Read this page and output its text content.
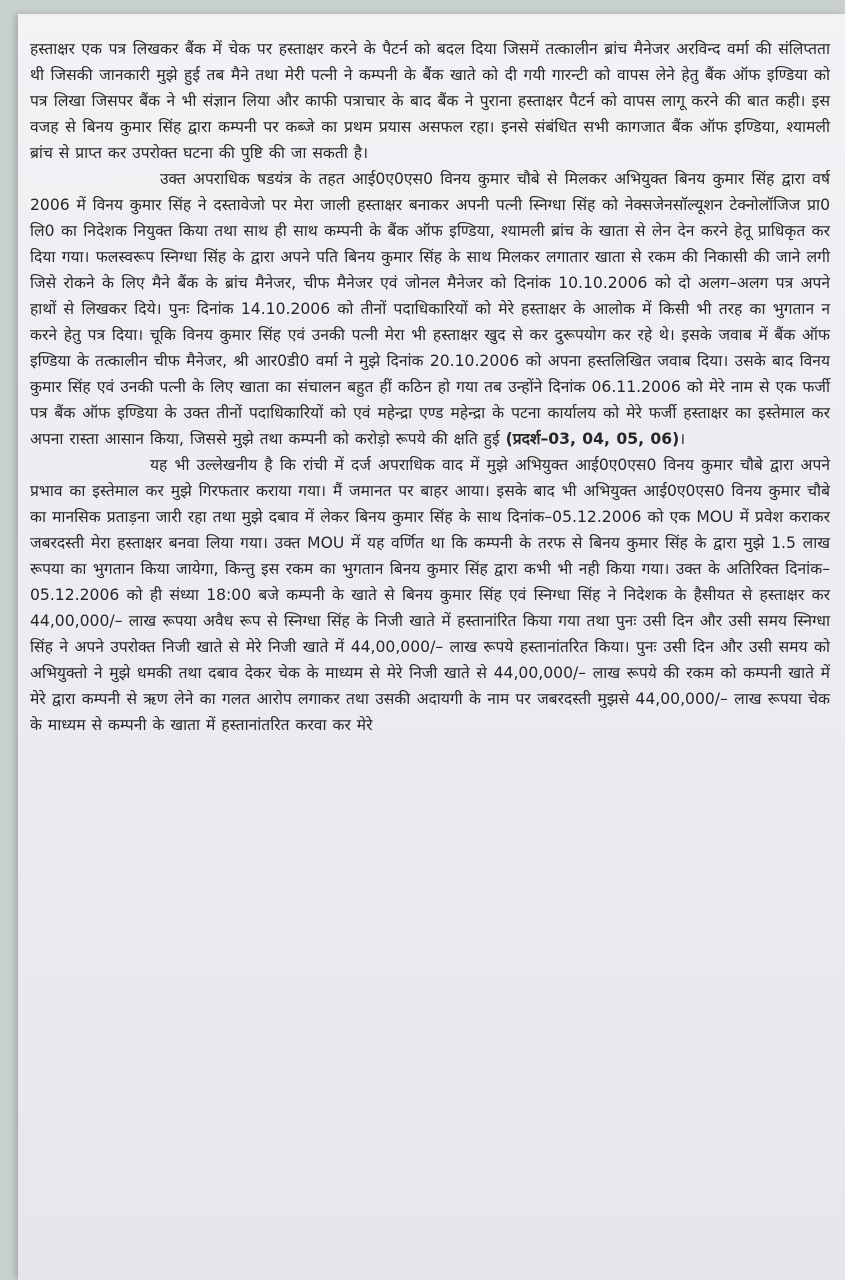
हस्ताक्षर एक पत्र लिखकर बैंक में चेक पर हस्ताक्षर करने के पैटर्न को बदल दिया जिसमें तत्कालीन ब्रांच मैनेजर अरविन्द वर्मा की संलिप्तता थी जिसकी जानकारी मुझे हुई तब मैने तथा मेरी पत्नी ने कम्पनी के बैंक खाते को दी गयी गारन्टी को वापस लेने हेतु बैंक ऑफ इण्डिया को पत्र लिखा जिसपर बैंक ने भी संज्ञान लिया और काफी पत्राचार के बाद बैंक ने पुराना हस्ताक्षर पैटर्न को वापस लागू करने की बात कही। इस वजह से बिनय कुमार सिंह द्वारा कम्पनी पर कब्जे का प्रथम प्रयास असफल रहा। इनसे संबंधित सभी कागजात बैंक ऑफ इण्डिया, श्यामली ब्रांच से प्राप्त कर उपरोक्त घटना की पुष्टि की जा सकती है।

उक्त अपराधिक षडयंत्र के तहत आई0ए0एस0 विनय कुमार चौबे से मिलकर अभियुक्त बिनय कुमार सिंह द्वारा वर्ष 2006 में विनय कुमार सिंह ने दस्तावेजो पर मेरा जाली हस्ताक्षर बनाकर अपनी पत्नी स्निग्धा सिंह को नेक्सजेनसॉल्यूशन टेक्नोलॉजिज प्रा0 लि0 का निदेशक नियुक्त किया तथा साथ ही साथ कम्पनी के बैंक ऑफ इण्डिया, श्यामली ब्रांच के खाता से लेन देन करने हेतू प्राधिकृत कर दिया गया। फलस्वरूप स्निग्धा सिंह के द्वारा अपने पति बिनय कुमार सिंह के साथ मिलकर लगातार खाता से रकम की निकासी की जाने लगी जिसे रोकने के लिए मैने बैंक के ब्रांच मैनेजर, चीफ मैनेजर एवं जोनल मैनेजर को दिनांक 10.10.2006 को दो अलग–अलग पत्र अपने हाथों से लिखकर दिये। पुनः दिनांक 14.10.2006 को तीनों पदाधिकारियों को मेरे हस्ताक्षर के आलोक में किसी भी तरह का भुगतान न करने हेतु पत्र दिया। चूकि विनय कुमार सिंह एवं उनकी पत्नी मेरा भी हस्ताक्षर खुद से कर दुरूपयोग कर रहे थे। इसके जवाब में बैंक ऑफ इण्डिया के तत्कालीन चीफ मैनेजर, श्री आर0डी0 वर्मा ने मुझे दिनांक 20.10.2006 को अपना हस्तलिखित जवाब दिया। उसके बाद विनय कुमार सिंह एवं उनकी पत्नी के लिए खाता का संचालन बहुत हीं कठिन हो गया तब उन्होंने दिनांक 06.11.2006 को मेरे नाम से एक फर्जी पत्र बैंक ऑफ इण्डिया के उक्त तीनों पदाधिकारियों को एवं महेन्द्रा एण्ड महेन्द्रा के पटना कार्यालय को मेरे फर्जी हस्ताक्षर का इस्तेमाल कर अपना रास्ता आसान किया, जिससे मुझे तथा कम्पनी को करोड़ो रूपये की क्षति हुई (प्रदर्श–03, 04, 05, 06)।

यह भी उल्लेखनीय है कि रांची में दर्ज अपराधिक वाद में मुझे अभियुक्त आई0ए0एस0 विनय कुमार चौबे द्वारा अपने प्रभाव का इस्तेमाल कर मुझे गिरफतार कराया गया। मैं जमानत पर बाहर आया। इसके बाद भी अभियुक्त आई0ए0एस0 विनय कुमार चौबे का मानसिक प्रताड़ना जारी रहा तथा मुझे दबाव में लेकर बिनय कुमार सिंह के साथ दिनांक–05.12.2006 को एक MOU में प्रवेश कराकर जबरदस्ती मेरा हस्ताक्षर बनवा लिया गया। उक्त MOU में यह वर्णित था कि कम्पनी के तरफ से बिनय कुमार सिंह के द्वारा मुझे 1.5 लाख रूपया का भुगतान किया जायेगा, किन्तु इस रकम का भुगतान बिनय कुमार सिंह द्वारा कभी भी नही किया गया। उक्त के अतिरिक्त दिनांक–05.12.2006 को ही संध्या 18:00 बजे कम्पनी के खाते से बिनय कुमार सिंह एवं स्निग्धा सिंह ने निदेशक के हैसीयत से हस्ताक्षर कर 44,00,000/– लाख रूपया अवैध रूप से स्निग्धा सिंह के निजी खाते में हस्तानांरित किया गया तथा पुनः उसी दिन और उसी समय स्निग्धा सिंह ने अपने उपरोक्त निजी खाते से मेरे निजी खाते में 44,00,000/– लाख रूपये हस्तानांतरित किया। पुनः उसी दिन और उसी समय को अभियुक्तो ने मुझे धमकी तथा दबाव देकर चेक के माध्यम से मेरे निजी खाते से 44,00,000/– लाख रूपये की रकम को कम्पनी खाते में मेरे द्वारा कम्पनी से ऋण लेने का गलत आरोप लगाकर तथा उसकी अदायगी के नाम पर जबरदस्ती मुझसे 44,00,000/– लाख रूपया चेक के माध्यम से कम्पनी के खाता में हस्तानांतरित करवा कर मेरे
